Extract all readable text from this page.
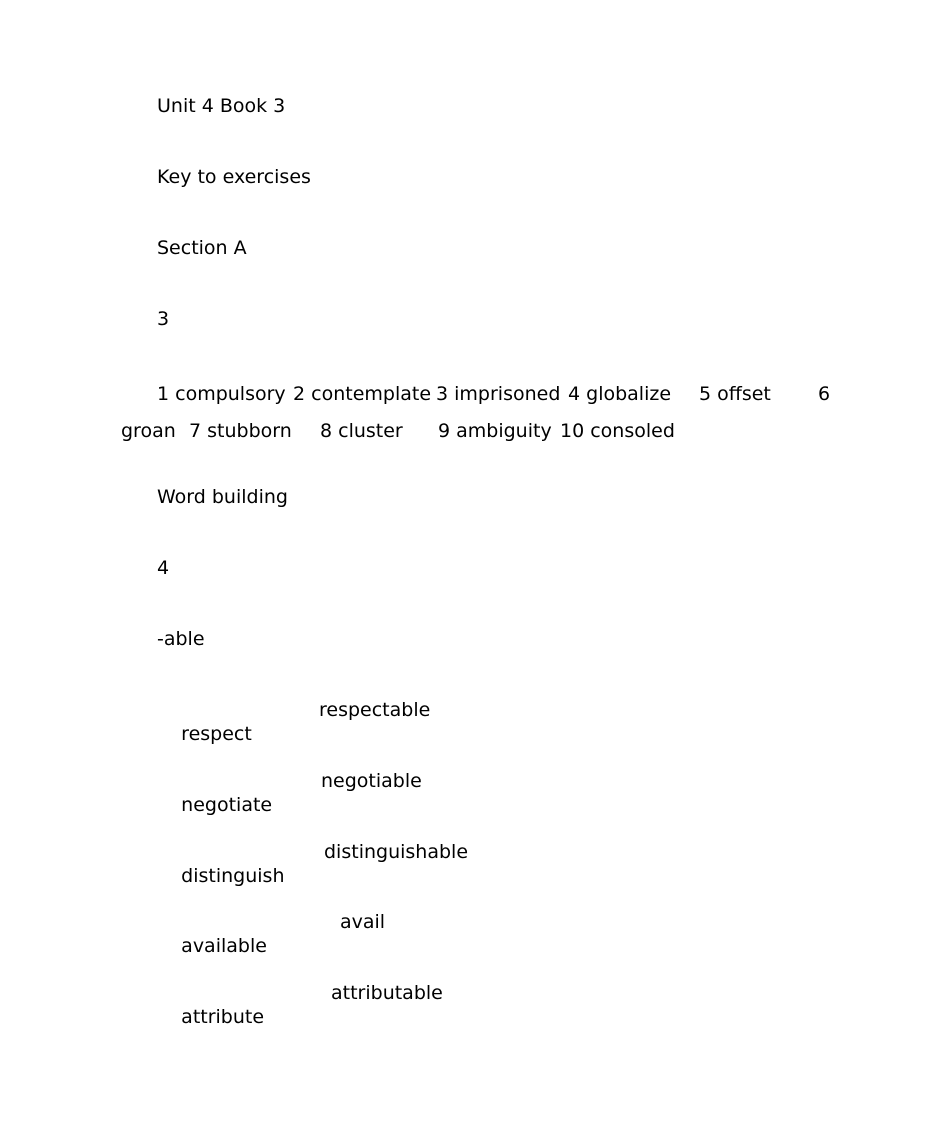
Unit 4 Book 3
Key to exercises
Section A
3

1 compulsory

2 contemplate

3 imprisoned

4 globalize

5 offset

6

groan

7 stubborn

8 cluster

9 ambiguity

10 consoled

Word building
4
-able

respect

respectable

negotiate

negotiable

distinguish

distinguishable

available

avail

attribute

attributable
